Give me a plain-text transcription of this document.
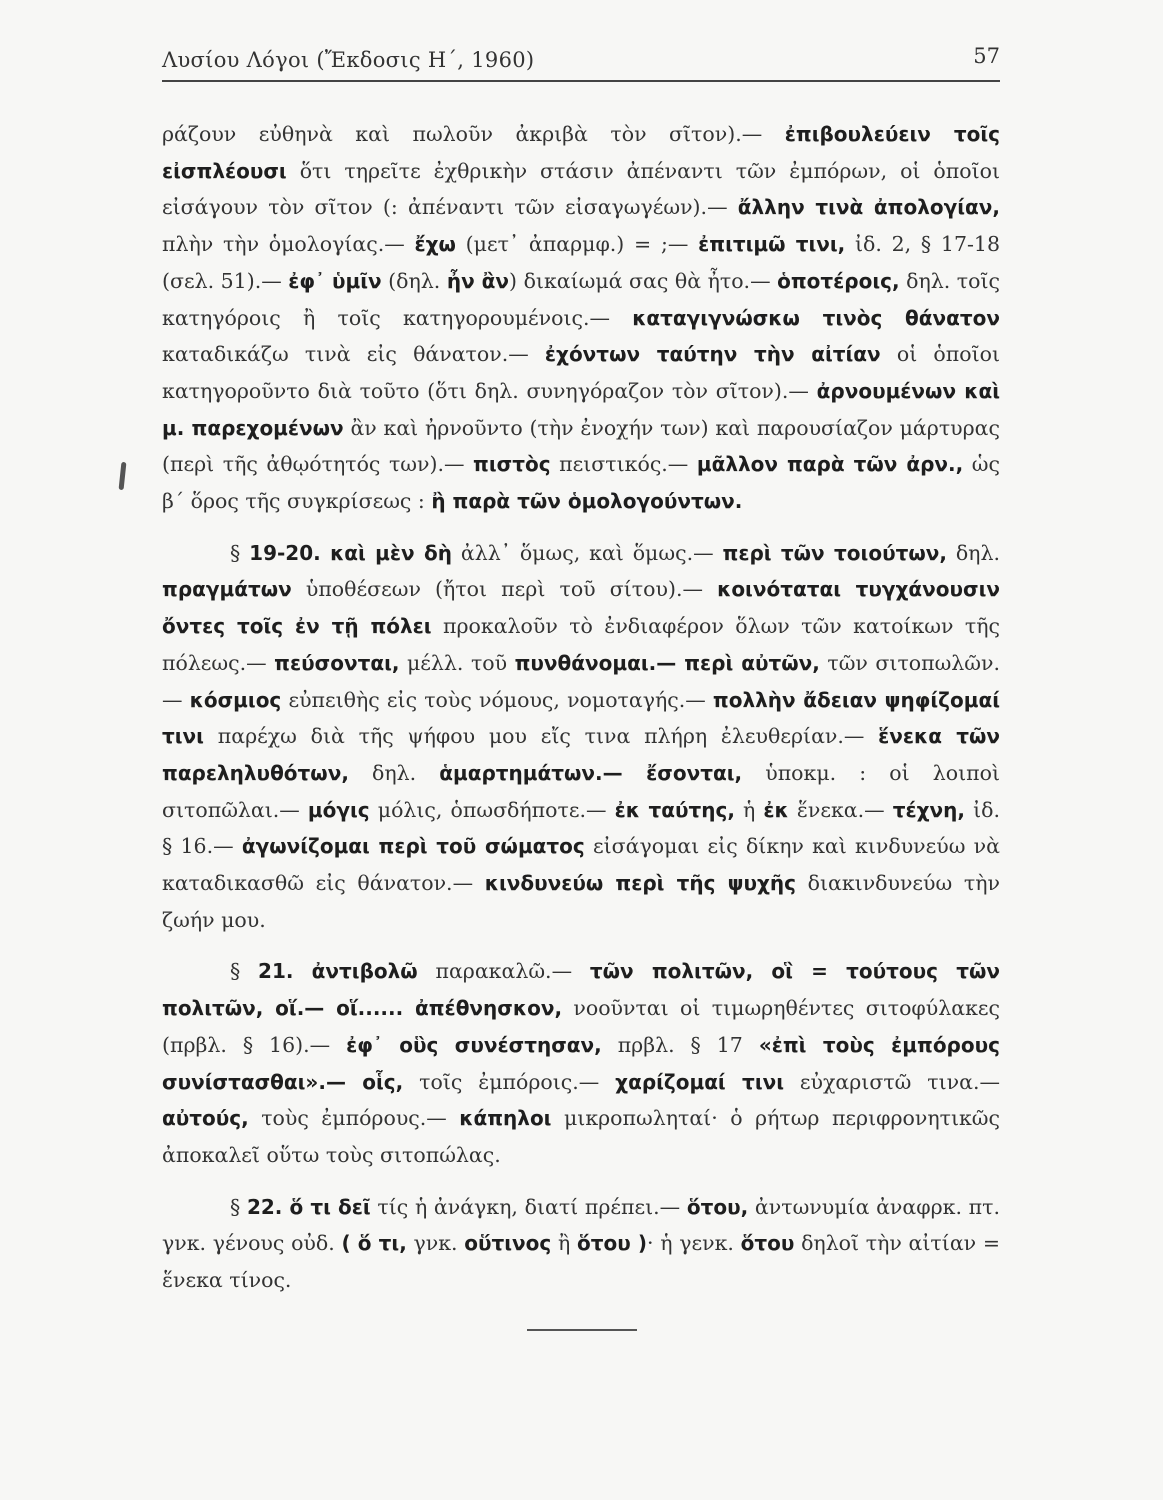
Λυσίου Λόγοι (Ἔκδοσις Η΄, 1960)	57

ράζουν εὐθηνὰ καὶ πωλοῦν ἀκριβὰ τὸν σῖτον).— ἐπιβουλεύειν τοῖς εἰσπλέουσι ὅτι τηρεῖτε ἐχθρικὴν στάσιν ἀπέναντι τῶν ἐμπόρων, οἱ ὁποῖοι εἰσάγουν τὸν σῖτον (: ἀπέναντι τῶν εἰσαγωγέων).— ἄλλην τινὰ ἀπολογίαν, πλὴν τὴν ὁμολογίας.— ἔχω (μετ᾽ ἀπαρμφ.) = ;— ἐπιτιμῶ τινι, ἰδ. 2, § 17-18 (σελ. 51).— ἐφ᾽ ὑμῖν (δηλ. ἦν ἂν) δικαίωμά σας θὰ ἦτο.— ὁποτέροις, δηλ. τοῖς κατηγόροις ἢ τοῖς κατηγορουμένοις.— καταγιγνώσκω τινὸς θάνατον καταδικάζω τινὰ εἰς θάνατον.— ἐχόντων ταύτην τὴν αἰτίαν οἱ ὁποῖοι κατηγοροῦντο διὰ τοῦτο (ὅτι δηλ. συνηγόραζον τὸν σῖτον).— ἀρνουμένων καὶ μ. παρεχομένων ἂν καὶ ἠρνοῦντο (τὴν ἐνοχήν των) καὶ παρουσίαζον μάρτυρας (περὶ τῆς ἀθῳότητός των).— πιστὸς πειστικός.— μᾶλλον παρὰ τῶν ἀρν., ὡς β΄ ὅρος τῆς συγκρίσεως : ἢ παρὰ τῶν ὁμολογούντων.

§ 19-20. καὶ μὲν δὴ ἀλλ᾽ ὅμως, καὶ ὅμως.— περὶ τῶν τοιούτων, δηλ. πραγμάτων ὑποθέσεων (ἤτοι περὶ τοῦ σίτου).— κοινόταται τυγχάνουσιν ὄντες τοῖς ἐν τῇ πόλει προκαλοῦν τὸ ἐνδιαφέρον ὅλων τῶν κατοίκων τῆς πόλεως.— πεύσονται, μέλλ. τοῦ πυνθάνομαι.— περὶ αὐτῶν, τῶν σιτοπωλῶν.— κόσμιος εὐπειθὴς εἰς τοὺς νόμους, νομοταγής.— πολλὴν ἄδειαν ψηφίζομαί τινι παρέχω διὰ τῆς ψήφου μου εἴς τινα πλήρη ἐλευθερίαν.— ἕνεκα τῶν παρεληλυθότων, δηλ. ἁμαρτημάτων.— ἔσονται, ὑποκμ. : οἱ λοιποὶ σιτοπῶλαι.— μόγις μόλις, ὁπωσδήποτε.— ἐκ ταύτης, ἡ ἐκ ἕνεκα.— τέχνη, ἰδ. § 16.— ἀγωνίζομαι περὶ τοῦ σώματος εἰσάγομαι εἰς δίκην καὶ κινδυνεύω νὰ καταδικασθῶ εἰς θάνατον.— κινδυνεύω περὶ τῆς ψυχῆς διακινδυνεύω τὴν ζωήν μου.

§ 21. ἀντιβολῶ παρακαλῶ.— τῶν πολιτῶν, οἳ = τούτους τῶν πολιτῶν, οἵ.— οἵ...... ἀπέθνησκον, νοοῦνται οἱ τιμωρηθέντες σιτοφύλακες (πρβλ. § 16).— ἐφ᾽ οὓς συνέστησαν, πρβλ. § 17 «ἐπὶ τοὺς ἐμπόρους συνίστασθαι».— οἷς, τοῖς ἐμπόροις.— χαρίζομαί τινι εὐχαριστῶ τινα.— αὐτούς, τοὺς ἐμπόρους.— κάπηλοι μικροπωληταί· ὁ ρήτωρ περιφρονητικῶς ἀποκαλεῖ οὕτω τοὺς σιτοπώλας.

§ 22. ὅ τι δεῖ τίς ἡ ἀνάγκη, διατί πρέπει.— ὅτου, ἀντωνυμία ἀναφρκ. πτ. γνκ. γένους οὐδ. ( ὅ τι, γνκ. οὕτινος ἢ ὅτου )· ἡ γενκ. ὅτου δηλοῖ τὴν αἰτίαν = ἕνεκα τίνος.
